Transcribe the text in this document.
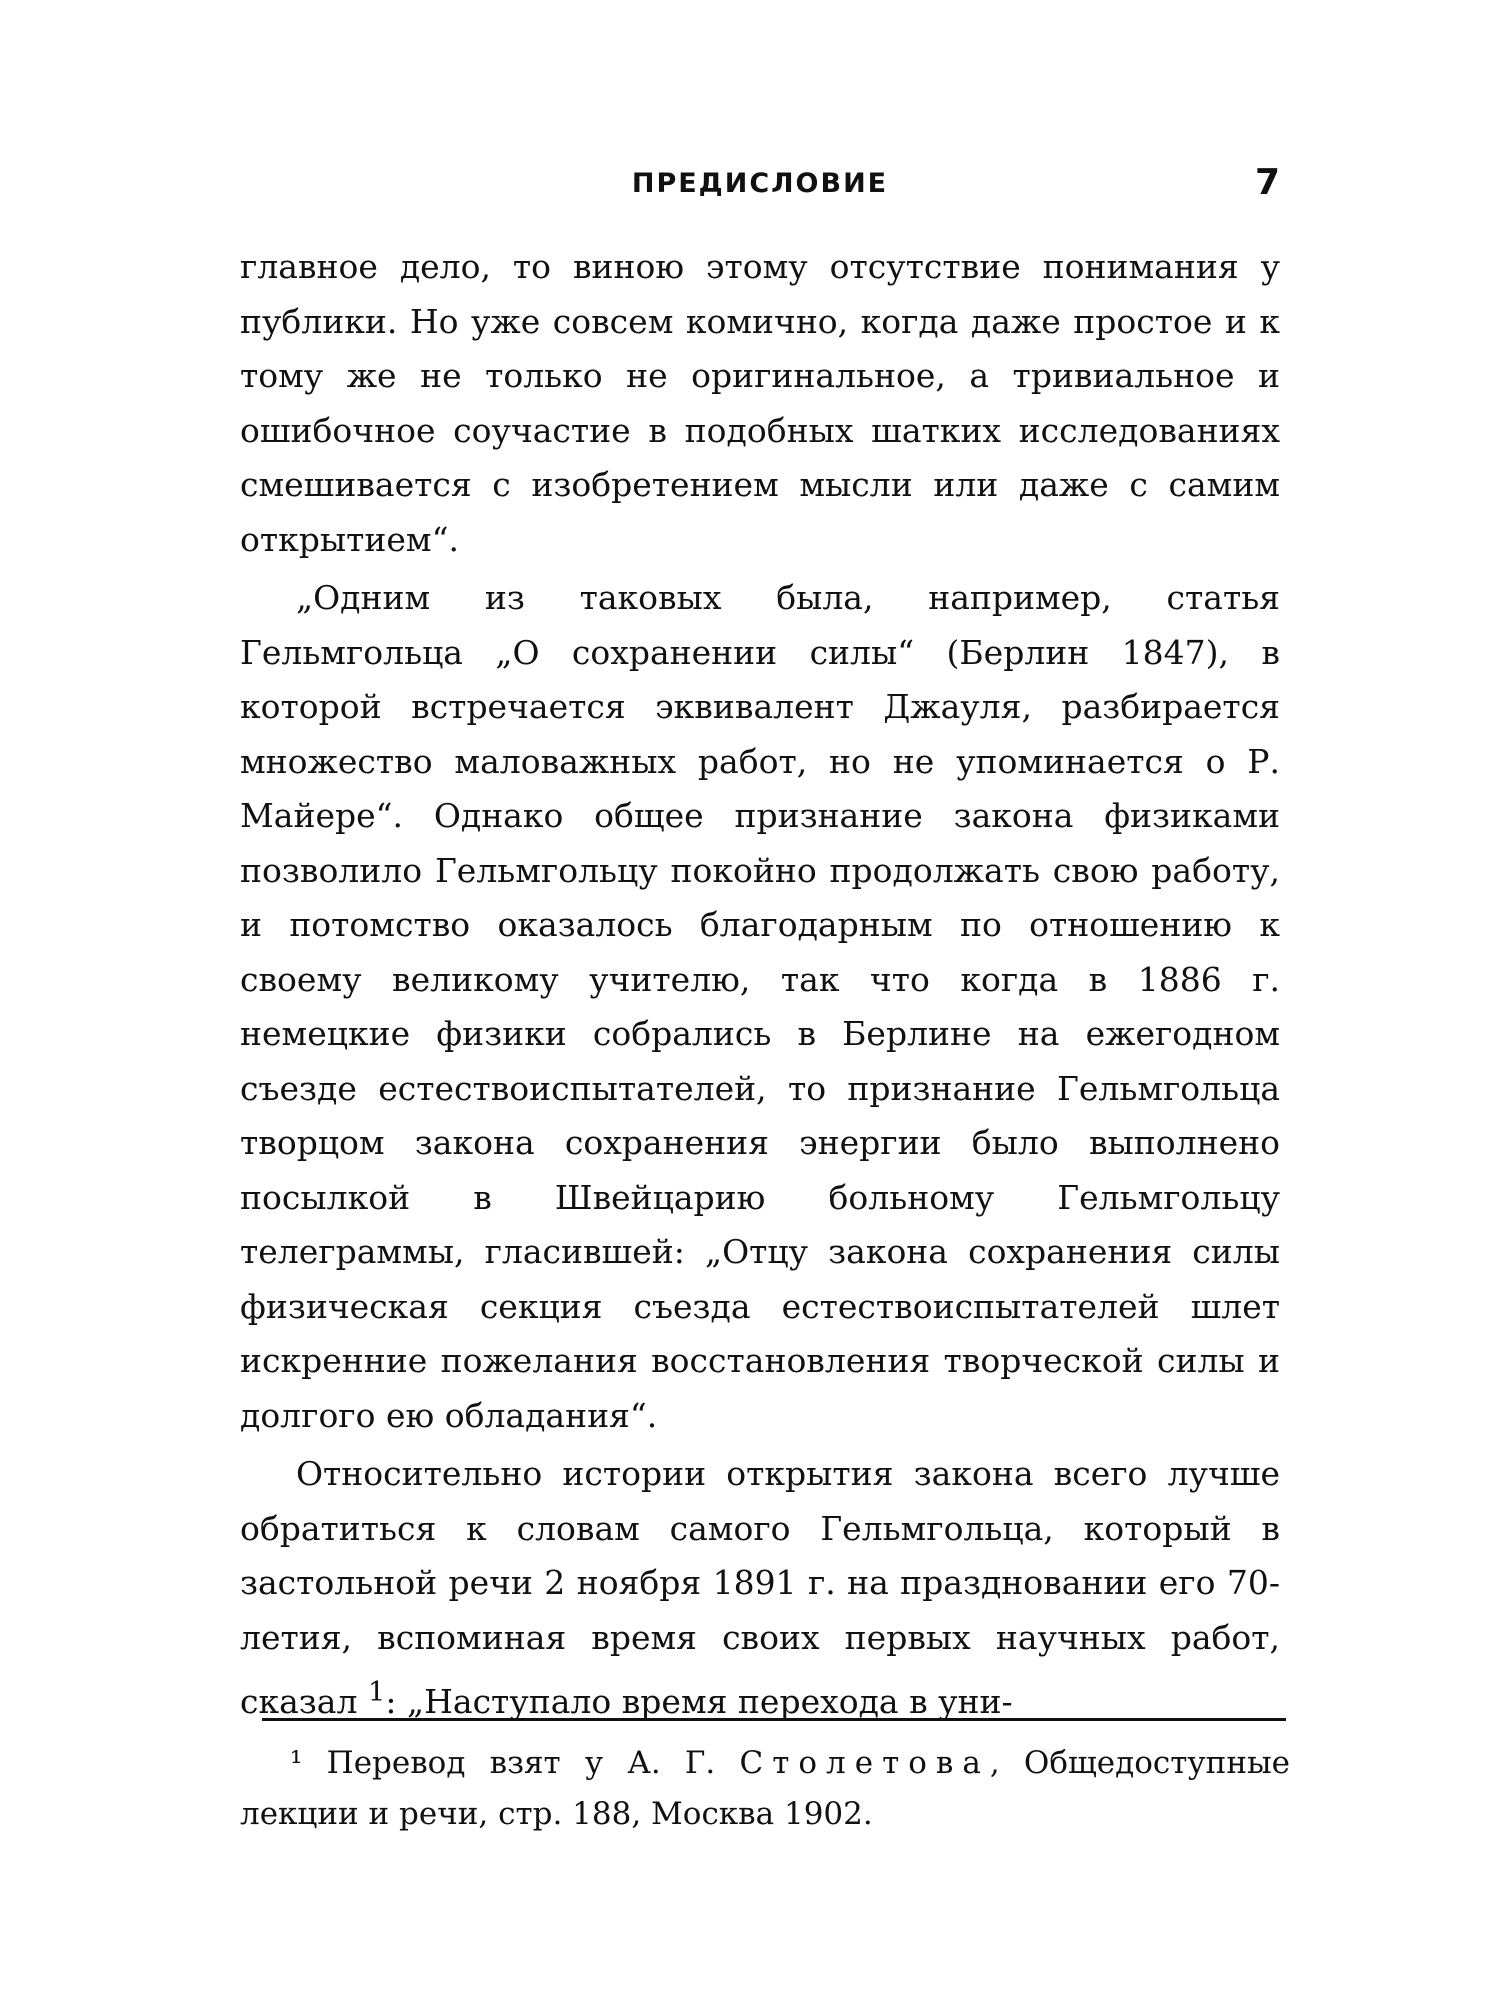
ПРЕДИСЛОВИЕ	7

главное дело, то виною этому отсутствие понимания у публики. Но уже совсем комично, когда даже простое и к тому же не только не оригинальное, а тривиальное и ошибочное соучастие в подобных шатких исследованиях смешивается с изобретением мысли или даже с самим открытием“.

„Одним из таковых была, например, статья Гельмгольца „О сохранении силы“ (Берлин 1847), в которой встречается эквивалент Джауля, разбирается множество маловажных работ, но не упоминается о Р. Майере“. Однако общее признание закона физиками позволило Гельмгольцу покойно продолжать свою работу, и потомство оказалось благодарным по отношению к своему великому учителю, так что когда в 1886 г. немецкие физики собрались в Берлине на ежегодном съезде естествоиспытателей, то признание Гельмгольца творцом закона сохранения энергии было выполнено посылкой в Швейцарию больному Гельмгольцу телеграммы, гласившей: „Отцу закона сохранения силы физическая секция съезда естествоиспытателей шлет искренние пожелания восстановления творческой силы и долгого ею обладания“.

Относительно истории открытия закона всего лучше обратиться к словам самого Гельмгольца, который в застольной речи 2 ноября 1891 г. на праздновании его 70-летия, вспоминая время своих первых научных работ, сказал $^1$: „Наступало время перехода в уни-

¹ Перевод взят у А. Г. Столетова, Общедоступные лекции и речи, стр. 188, Москва 1902.
